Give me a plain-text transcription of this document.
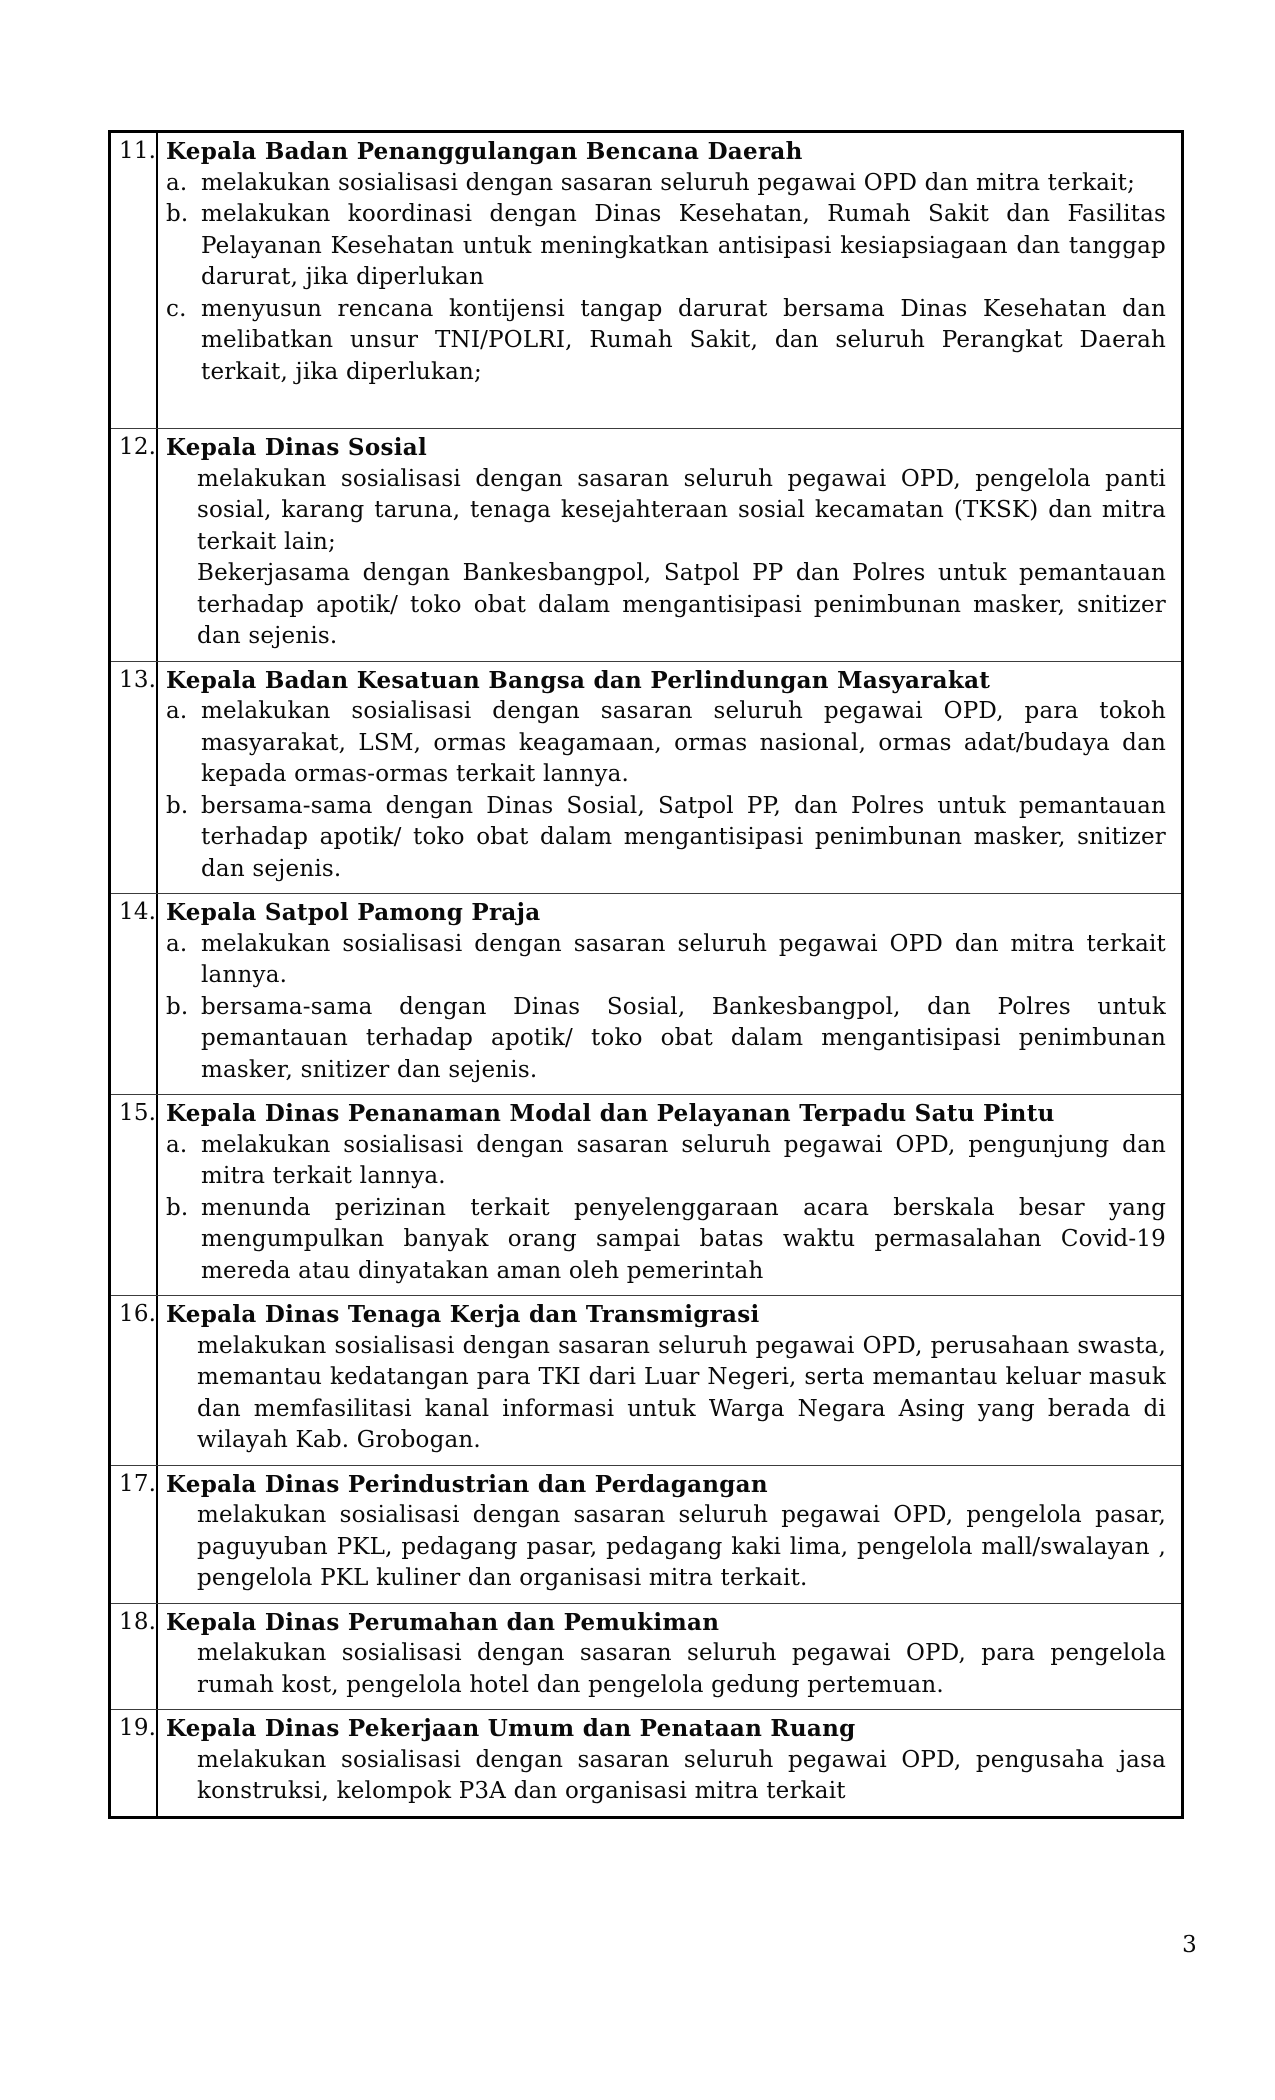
11. Kepala Badan Penanggulangan Bencana Daerah
a. melakukan sosialisasi dengan sasaran seluruh pegawai OPD dan mitra terkait;
b. melakukan koordinasi dengan Dinas Kesehatan, Rumah Sakit dan Fasilitas Pelayanan Kesehatan untuk meningkatkan antisipasi kesiapsiagaan dan tanggap darurat, jika diperlukan
c. menyusun rencana kontijensi tangap darurat bersama Dinas Kesehatan dan melibatkan unsur TNI/POLRI, Rumah Sakit, dan seluruh Perangkat Daerah terkait, jika diperlukan;
12. Kepala Dinas Sosial
melakukan sosialisasi dengan sasaran seluruh pegawai OPD, pengelola panti sosial, karang taruna, tenaga kesejahteraan sosial kecamatan (TKSK) dan mitra terkait lain;
Bekerjasama dengan Bankesbangpol, Satpol PP dan Polres untuk pemantauan terhadap apotik/ toko obat dalam mengantisipasi penimbunan masker, snitizer dan sejenis.
13. Kepala Badan Kesatuan Bangsa dan Perlindungan Masyarakat
a. melakukan sosialisasi dengan sasaran seluruh pegawai OPD, para tokoh masyarakat, LSM, ormas keagamaan, ormas nasional, ormas adat/budaya dan kepada ormas-ormas terkait lannya.
b. bersama-sama dengan Dinas Sosial, Satpol PP, dan Polres untuk pemantauan terhadap apotik/ toko obat dalam mengantisipasi penimbunan masker, snitizer dan sejenis.
14. Kepala Satpol Pamong Praja
a. melakukan sosialisasi dengan sasaran seluruh pegawai OPD dan mitra terkait lannya.
b. bersama-sama dengan Dinas Sosial, Bankesbangpol, dan Polres untuk pemantauan terhadap apotik/ toko obat dalam mengantisipasi penimbunan masker, snitizer dan sejenis.
15. Kepala Dinas Penanaman Modal dan Pelayanan Terpadu Satu Pintu
a. melakukan sosialisasi dengan sasaran seluruh pegawai OPD, pengunjung dan mitra terkait lannya.
b. menunda perizinan terkait penyelenggaraan acara berskala besar yang mengumpulkan banyak orang sampai batas waktu permasalahan Covid-19 mereda atau dinyatakan aman oleh pemerintah
16. Kepala Dinas Tenaga Kerja dan Transmigrasi
melakukan sosialisasi dengan sasaran seluruh pegawai OPD, perusahaan swasta, memantau kedatangan para TKI dari Luar Negeri, serta memantau keluar masuk dan memfasilitasi kanal informasi untuk Warga Negara Asing yang berada di wilayah Kab. Grobogan.
17. Kepala Dinas Perindustrian dan Perdagangan
melakukan sosialisasi dengan sasaran seluruh pegawai OPD, pengelola pasar, paguyuban PKL, pedagang pasar, pedagang kaki lima, pengelola mall/swalayan , pengelola PKL kuliner dan organisasi mitra terkait.
18. Kepala Dinas Perumahan dan Pemukiman
melakukan sosialisasi dengan sasaran seluruh pegawai OPD, para pengelola rumah kost, pengelola hotel dan pengelola gedung pertemuan.
19. Kepala Dinas Pekerjaan Umum dan Penataan Ruang
melakukan sosialisasi dengan sasaran seluruh pegawai OPD, pengusaha jasa konstruksi, kelompok P3A dan organisasi mitra terkait
3
